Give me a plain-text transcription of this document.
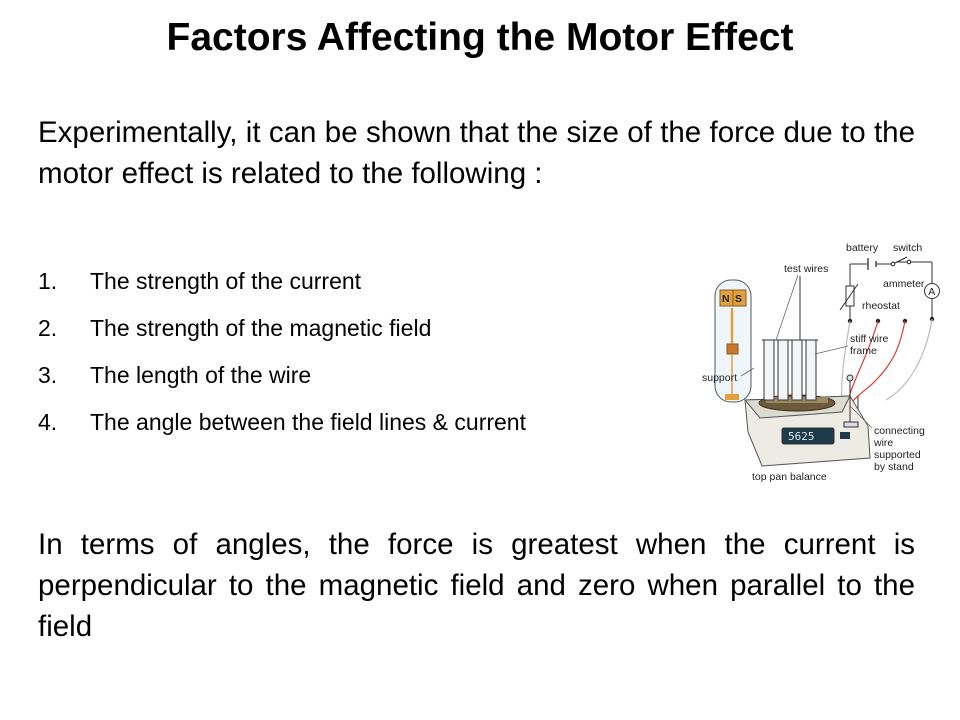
Factors Affecting the Motor Effect
Experimentally, it can be shown that the size of the force due to the motor effect is related to the following :
1. The strength of the current
2. The strength of the magnetic field
3. The length of the wire
4. The angle between the field lines & current
A
N S
5625
battery switch
test wires
ammeter
rheostat
stiff wire
frame
support
connecting
wire
supported
by stand
top pan balance
In terms of angles, the force is greatest when the current is perpendicular to the magnetic field and zero when parallel to the field
